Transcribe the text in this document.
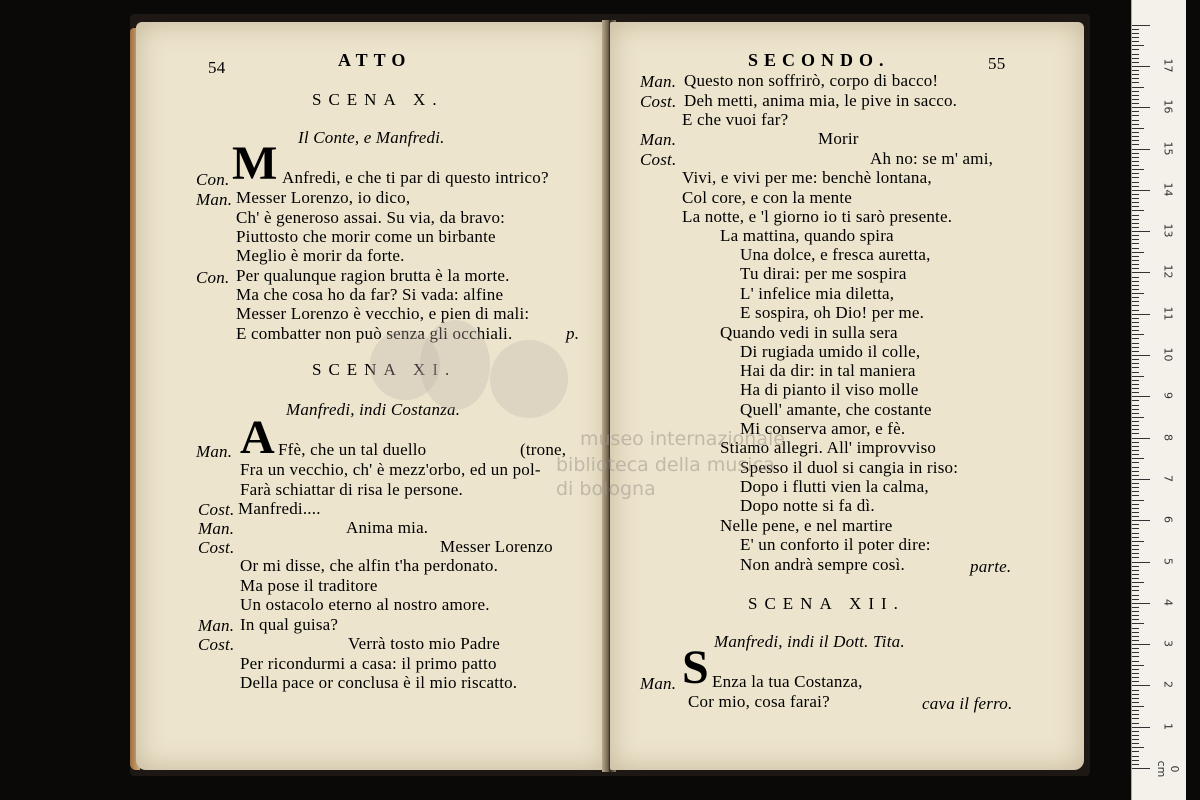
54	ATTO
SCENA X.
Il Conte, e Manfredi.
Con. M Anfredi, e che ti par di questo intrico?
Man. Messer Lorenzo, io dico,
Ch' è generoso assai. Su via, da bravo:
Piuttosto che morir come un birbante
Meglio è morir da forte.
Con. Per qualunque ragion brutta è la morte.
Ma che cosa ho da far? Si vada: alfine
Messer Lorenzo è vecchio, e pien di mali:
E combatter non può senza gli occhiali.	p.
SCENA XI.
Manfredi, indi Costanza.
Man. A Ffè, che un tal duello	(trone,
Fra un vecchio, ch' è mezz'orbo, ed un pol-
Farà schiattar di risa le persone.
Cost. Manfredi....
Man.	Anima mia.
Cost.	Messer Lorenzo
Or mi disse, che alfin t'ha perdonato.
Ma pose il traditore
Un ostacolo eterno al nostro amore.
Man. In qual guisa?
Cost.	Verrà tosto mio Padre
Per ricondurmi a casa: il primo patto
Della pace or conclusa è il mio riscatto.
SECONDO.	55
Man. Questo non soffrirò, corpo di bacco!
Cost. Deh metti, anima mia, le pive in sacco.
E che vuoi far?
Man.	Morir
Cost.	Ah no: se m' ami,
Vivi, e vivi per me: benchè lontana,
Col core, e con la mente
La notte, e 'l giorno io ti sarò presente.
La mattina, quando spira
Una dolce, e fresca auretta,
Tu dirai: per me sospira
L' infelice mia diletta,
E sospira, oh Dio! per me.
Quando vedi in sulla sera
Di rugiada umido il colle,
Hai da dir: in tal maniera
Ha di pianto il viso molle
Quell' amante, che costante
Mi conserva amor, e fè.
Stiamo allegri. All' improvviso
Spesso il duol si cangia in riso:
Dopo i flutti vien la calma,
Dopo notte si fa dì.
Nelle pene, e nel martire
E' un conforto il poter dire:
Non andrà sempre così.	parte.
SCENA XII.
Manfredi, indi il Dott. Tita.
Man. S Enza la tua Costanza,
Cor mio, cosa farai?	cava il ferro.
museo internazionale
biblioteca della musica
di bologna
0 cm
1
2
3
4
5
6
7
8
9
10
11
12
13
14
15
16
17
